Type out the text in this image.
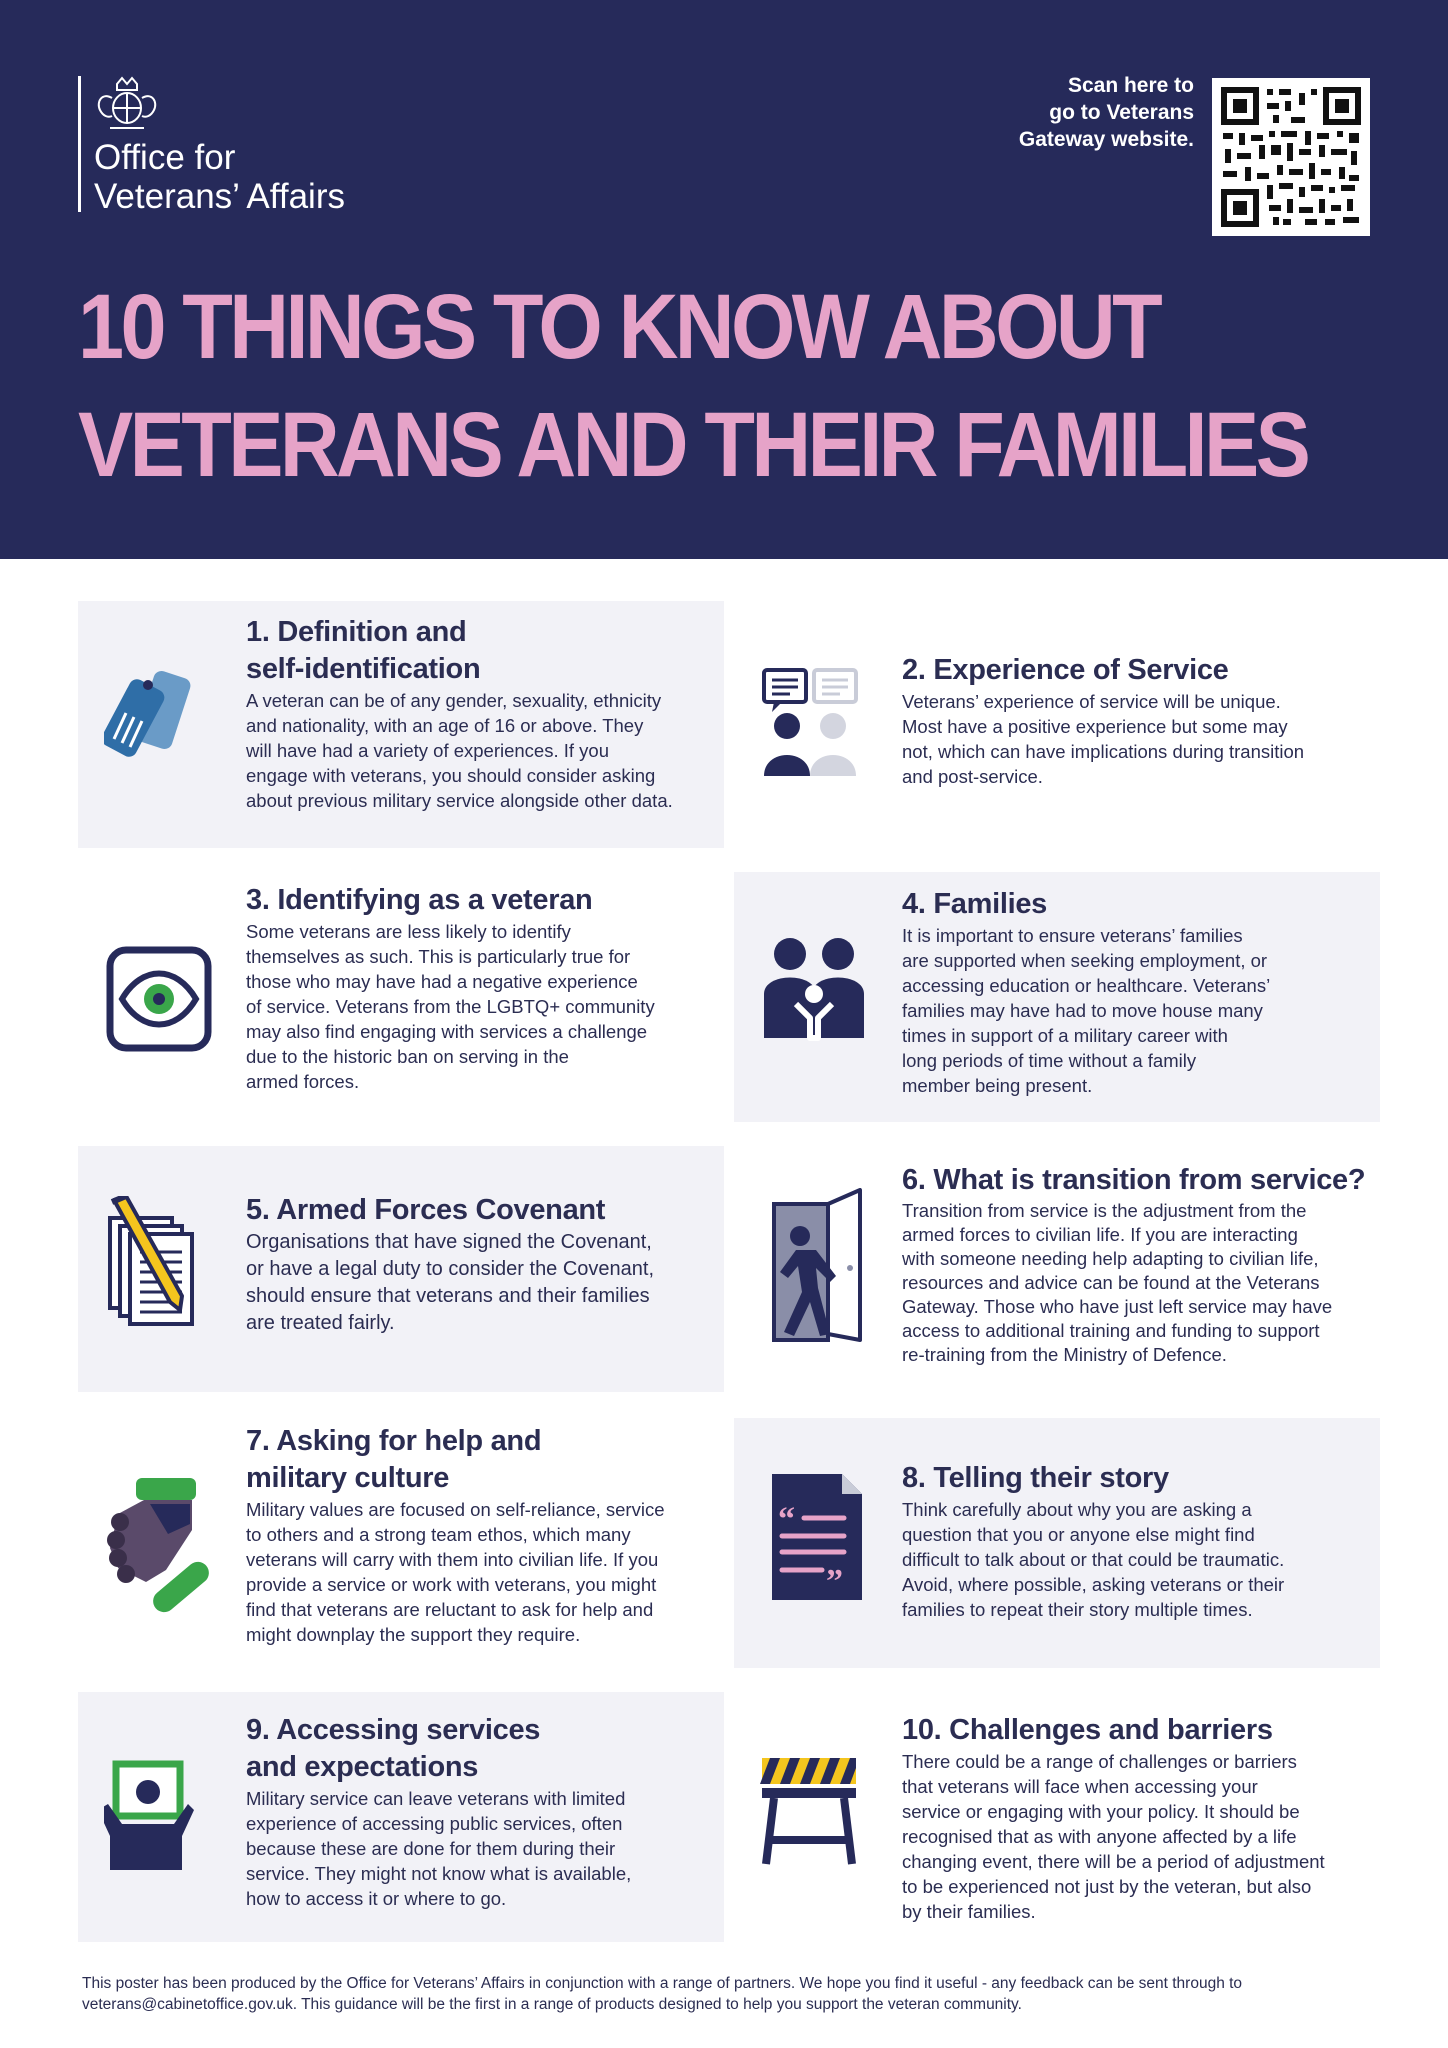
Office for
Veterans’ Affairs
Scan here to
go to Veterans
Gateway website.
10 THINGS TO KNOW ABOUT
VETERANS AND THEIR FAMILIES
1. Definition and
self-identification

A veteran can be of any gender, sexuality, ethnicity
and nationality, with an age of 16 or above. They
will have had a variety of experiences. If you
engage with veterans, you should consider asking
about previous military service alongside other data.

2. Experience of Service

Veterans’ experience of service will be unique.
Most have a positive experience but some may
not, which can have implications during transition
and post-service.

3. Identifying as a veteran

Some veterans are less likely to identify
themselves as such. This is particularly true for
those who may have had a negative experience
of service. Veterans from the LGBTQ+ community
may also find engaging with services a challenge
due to the historic ban on serving in the
armed forces.

4. Families

It is important to ensure veterans’ families
are supported when seeking employment, or
accessing education or healthcare. Veterans’
families may have had to move house many
times in support of a military career with
long periods of time without a family
member being present.

5. Armed Forces Covenant

Organisations that have signed the Covenant,
or have a legal duty to consider the Covenant,
should ensure that veterans and their families
are treated fairly.

6. What is transition from service?

Transition from service is the adjustment from the
armed forces to civilian life. If you are interacting
with someone needing help adapting to civilian life,
resources and advice can be found at the Veterans
Gateway. Those who have just left service may have
access to additional training and funding to support
re-training from the Ministry of Defence.

7. Asking for help and
military culture

Military values are focused on self-reliance, service
to others and a strong team ethos, which many
veterans will carry with them into civilian life. If you
provide a service or work with veterans, you might
find that veterans are reluctant to ask for help and
might downplay the support they require.

“
”
8. Telling their story

Think carefully about why you are asking a
question that you or anyone else might find
difficult to talk about or that could be traumatic.
Avoid, where possible, asking veterans or their
families to repeat their story multiple times.

9. Accessing services
and expectations

Military service can leave veterans with limited
experience of accessing public services, often
because these are done for them during their
service. They might not know what is available,
how to access it or where to go.

10. Challenges and barriers

There could be a range of challenges or barriers
that veterans will face when accessing your
service or engaging with your policy. It should be
recognised that as with anyone affected by a life
changing event, there will be a period of adjustment
to be experienced not just by the veteran, but also
by their families.

This poster has been produced by the Office for Veterans’ Affairs in conjunction with a range of partners. We hope you find it useful - any feedback can be sent through to
veterans@cabinetoffice.gov.uk. This guidance will be the first in a range of products designed to help you support the veteran community.
